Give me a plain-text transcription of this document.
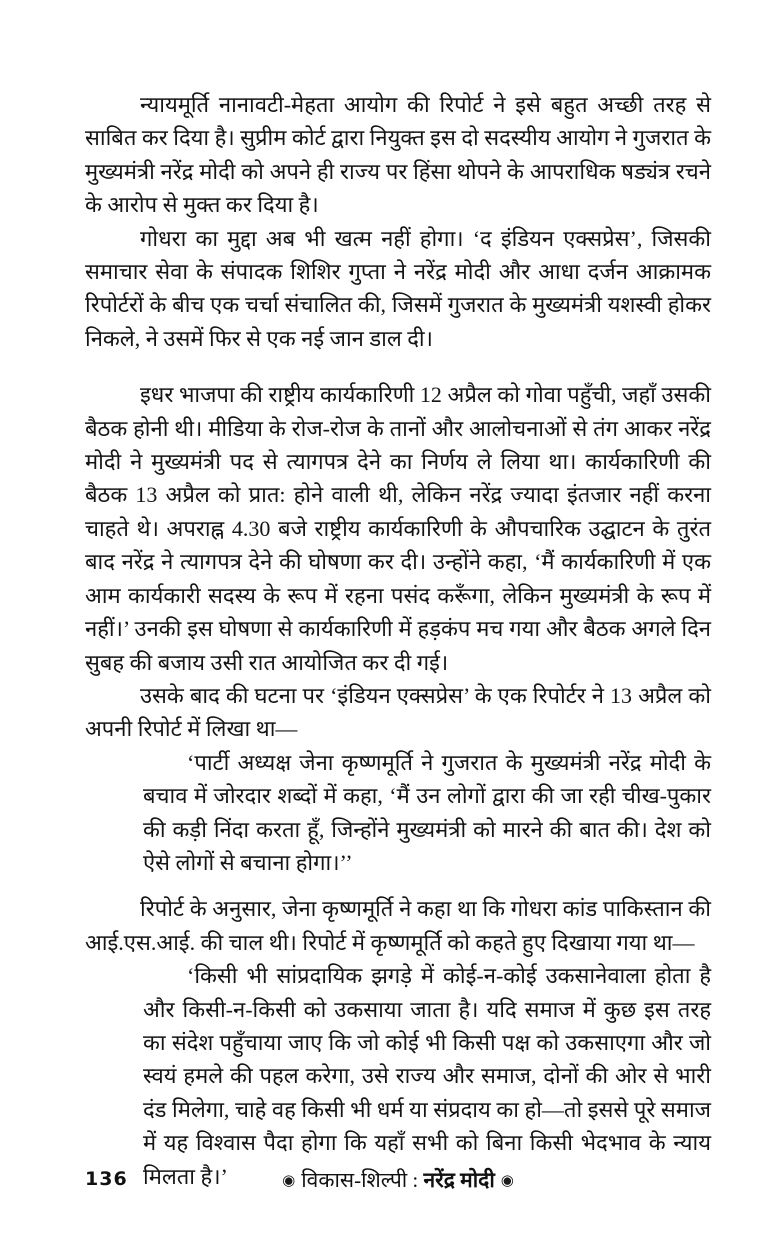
न्यायमूर्ति नानावटी-मेहता आयोग की रिपोर्ट ने इसे बहुत अच्छी तरह से साबित कर दिया है। सुप्रीम कोर्ट द्वारा नियुक्त इस दो सदस्यीय आयोग ने गुजरात के मुख्यमंत्री नरेंद्र मोदी को अपने ही राज्य पर हिंसा थोपने के आपराधिक षड्यंत्र रचने के आरोप से मुक्त कर दिया है।

गोधरा का मुद्दा अब भी खत्म नहीं होगा। ‘द इंडियन एक्सप्रेस’, जिसकी समाचार सेवा के संपादक शिशिर गुप्ता ने नरेंद्र मोदी और आधा दर्जन आक्रामक रिपोर्टरों के बीच एक चर्चा संचालित की, जिसमें गुजरात के मुख्यमंत्री यशस्वी होकर निकले, ने उसमें फिर से एक नई जान डाल दी।

इधर भाजपा की राष्ट्रीय कार्यकारिणी 12 अप्रैल को गोवा पहुँची, जहाँ उसकी बैठक होनी थी। मीडिया के रोज-रोज के तानों और आलोचनाओं से तंग आकर नरेंद्र मोदी ने मुख्यमंत्री पद से त्यागपत्र देने का निर्णय ले लिया था। कार्यकारिणी की बैठक 13 अप्रैल को प्रात: होने वाली थी, लेकिन नरेंद्र ज्यादा इंतजार नहीं करना चाहते थे। अपराह्न 4.30 बजे राष्ट्रीय कार्यकारिणी के औपचारिक उद्घाटन के तुरंत बाद नरेंद्र ने त्यागपत्र देने की घोषणा कर दी। उन्होंने कहा, ‘मैं कार्यकारिणी में एक आम कार्यकारी सदस्य के रूप में रहना पसंद करूँगा, लेकिन मुख्यमंत्री के रूप में नहीं।’ उनकी इस घोषणा से कार्यकारिणी में हड़कंप मच गया और बैठक अगले दिन सुबह की बजाय उसी रात आयोजित कर दी गई।

उसके बाद की घटना पर ‘इंडियन एक्सप्रेस’ के एक रिपोर्टर ने 13 अप्रैल को अपनी रिपोर्ट में लिखा था—

‘पार्टी अध्यक्ष जेना कृष्णमूर्ति ने गुजरात के मुख्यमंत्री नरेंद्र मोदी के बचाव में जोरदार शब्दों में कहा, ‘मैं उन लोगों द्वारा की जा रही चीख-पुकार की कड़ी निंदा करता हूँ, जिन्होंने मुख्यमंत्री को मारने की बात की। देश को ऐसे लोगों से बचाना होगा।’’

रिपोर्ट के अनुसार, जेना कृष्णमूर्ति ने कहा था कि गोधरा कांड पाकिस्तान की आई.एस.आई. की चाल थी। रिपोर्ट में कृष्णमूर्ति को कहते हुए दिखाया गया था—

‘किसी भी सांप्रदायिक झगड़े में कोई-न-कोई उकसानेवाला होता है और किसी-न-किसी को उकसाया जाता है। यदि समाज में कुछ इस तरह का संदेश पहुँचाया जाए कि जो कोई भी किसी पक्ष को उकसाएगा और जो स्वयं हमले की पहल करेगा, उसे राज्य और समाज, दोनों की ओर से भारी दंड मिलेगा, चाहे वह किसी भी धर्म या संप्रदाय का हो—तो इससे पूरे समाज में यह विश्वास पैदा होगा कि यहाँ सभी को बिना किसी भेदभाव के न्याय मिलता है।’

136	◉ विकास-शिल्पी : नरेंद्र मोदी ◉
